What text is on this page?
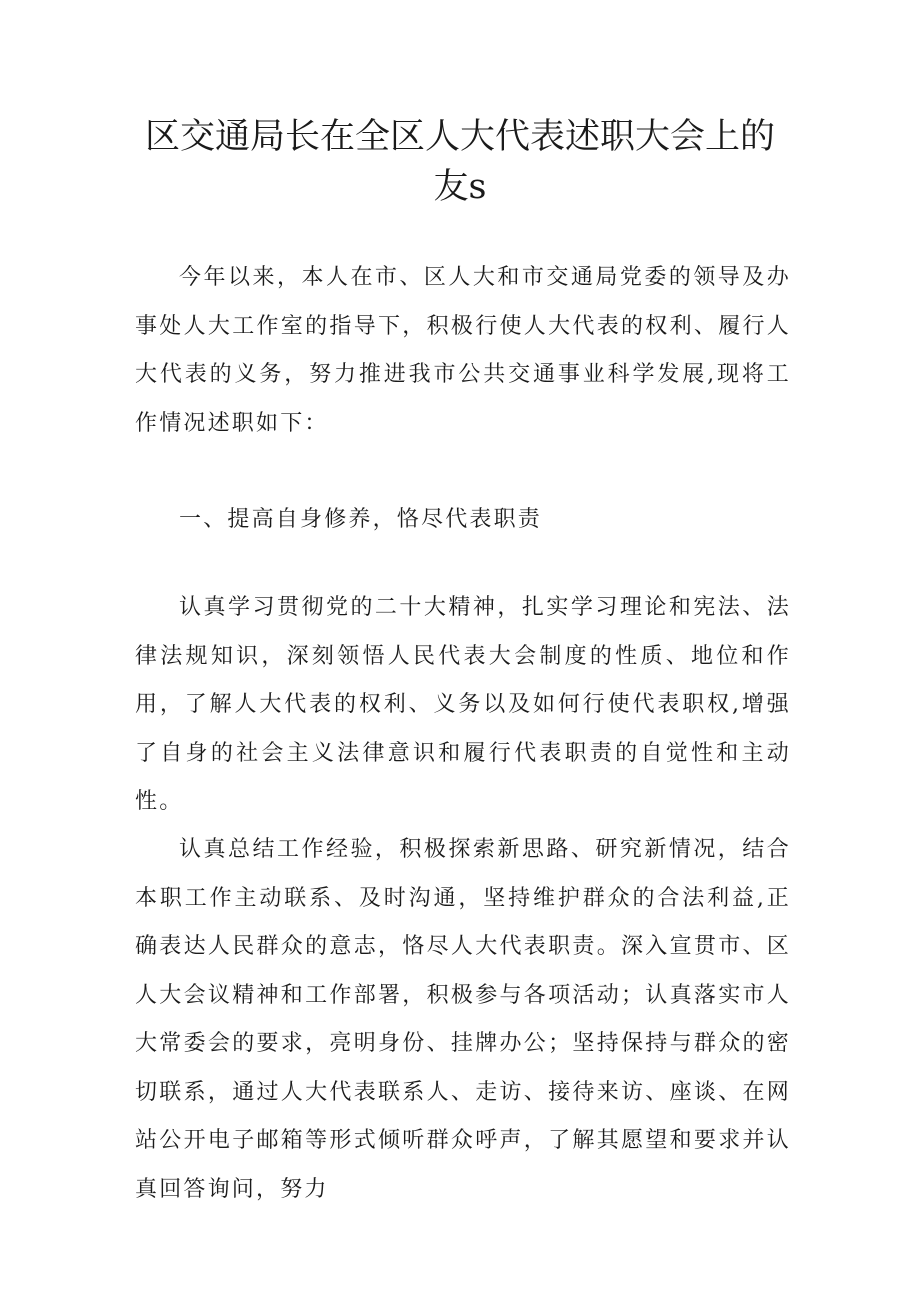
区交通局长在全区人大代表述职大会上的
友s

今年以来，本人在市、区人大和市交通局党委的领导及办事处人大工作室的指导下，积极行使人大代表的权利、履行人大代表的义务，努力推进我市公共交通事业科学发展,现将工作情况述职如下：

一、提高自身修养，恪尽代表职责

认真学习贯彻党的二十大精神，扎实学习理论和宪法、法律法规知识，深刻领悟人民代表大会制度的性质、地位和作用，了解人大代表的权利、义务以及如何行使代表职权,增强了自身的社会主义法律意识和履行代表职责的自觉性和主动性。

认真总结工作经验，积极探索新思路、研究新情况，结合本职工作主动联系、及时沟通，坚持维护群众的合法利益,正确表达人民群众的意志，恪尽人大代表职责。深入宣贯市、区人大会议精神和工作部署，积极参与各项活动；认真落实市人大常委会的要求，亮明身份、挂牌办公；坚持保持与群众的密切联系，通过人大代表联系人、走访、接待来访、座谈、在网站公开电子邮箱等形式倾听群众呼声，了解其愿望和要求并认真回答询问，努力
